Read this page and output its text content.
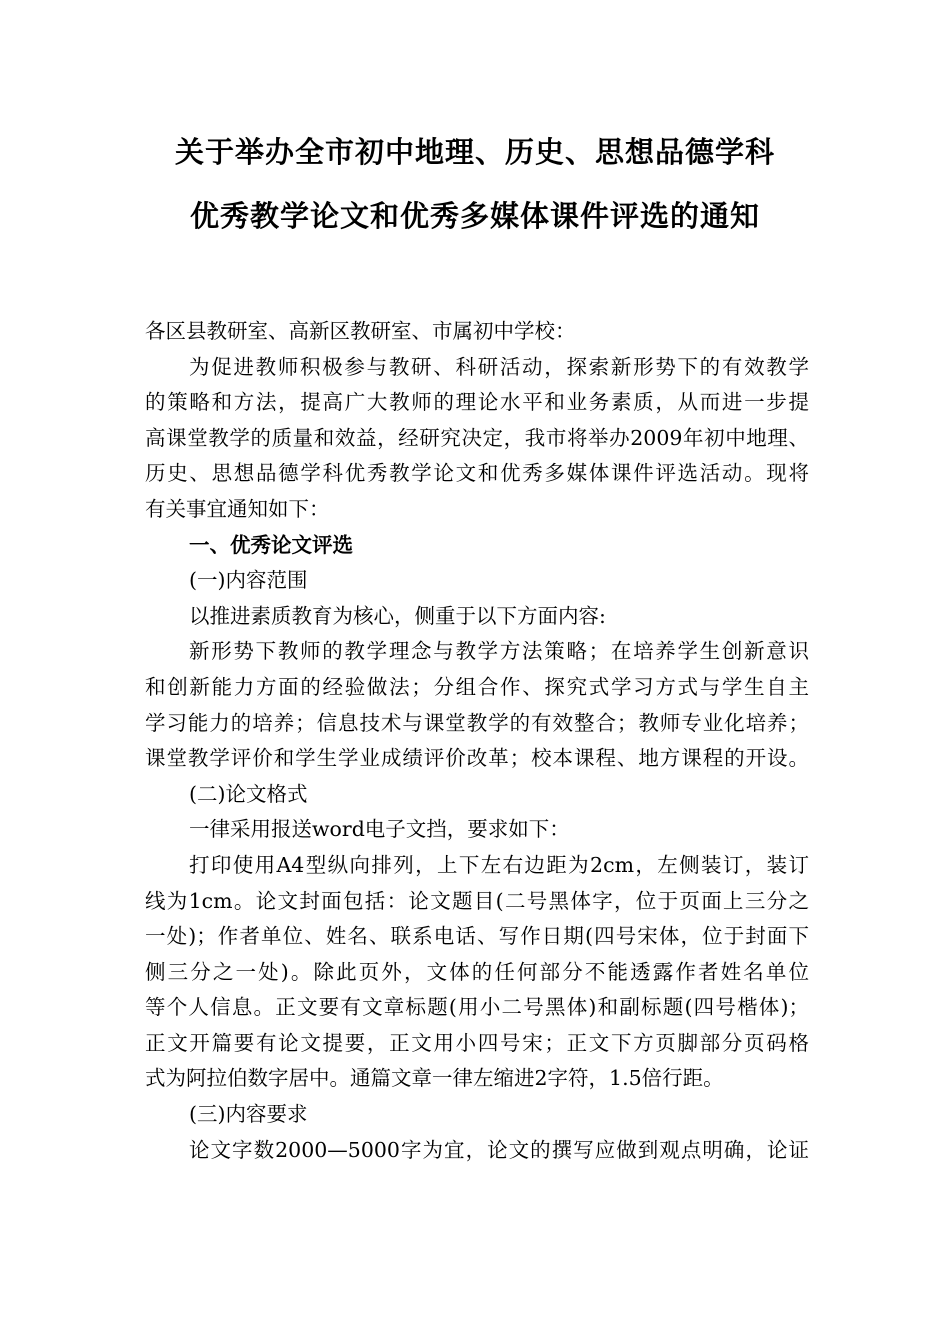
关于举办全市初中地理、历史、思想品德学科
优秀教学论文和优秀多媒体课件评选的通知
各区县教研室、高新区教研室、市属初中学校：
为促进教师积极参与教研、科研活动，探索新形势下的有效教学
的策略和方法，提高广大教师的理论水平和业务素质，从而进一步提
高课堂教学的质量和效益，经研究决定，我市将举办2009年初中地理、
历史、思想品德学科优秀教学论文和优秀多媒体课件评选活动。现将
有关事宜通知如下：
一、优秀论文评选
(一)内容范围
以推进素质教育为核心，侧重于以下方面内容:
新形势下教师的教学理念与教学方法策略；在培养学生创新意识
和创新能力方面的经验做法；分组合作、探究式学习方式与学生自主
学习能力的培养；信息技术与课堂教学的有效整合；教师专业化培养；
课堂教学评价和学生学业成绩评价改革；校本课程、地方课程的开设。
(二)论文格式
一律采用报送word电子文挡，要求如下：
打印使用A4型纵向排列，上下左右边距为2cm，左侧装订，装订
线为1cm。论文封面包括：论文题目(二号黑体字，位于页面上三分之
一处)；作者单位、姓名、联系电话、写作日期(四号宋体，位于封面下
侧三分之一处)。除此页外，文体的任何部分不能透露作者姓名单位
等个人信息。正文要有文章标题(用小二号黑体)和副标题(四号楷体)；
正文开篇要有论文提要，正文用小四号宋；正文下方页脚部分页码格
式为阿拉伯数字居中。通篇文章一律左缩进2字符，1.5倍行距。
(三)内容要求
论文字数2000—5000字为宜，论文的撰写应做到观点明确，论证
